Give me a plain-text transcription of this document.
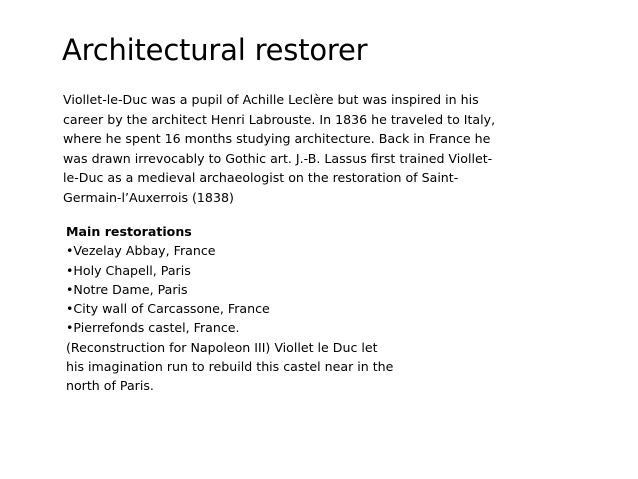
Architectural restorer
Viollet-le-Duc was a pupil of Achille Leclère but was inspired in his
career by the architect Henri Labrouste. In 1836 he traveled to Italy,
where he spent 16 months studying architecture. Back in France he
was drawn irrevocably to Gothic art. J.-B. Lassus first trained Viollet-
le-Duc as a medieval archaeologist on the restoration of Saint-
Germain-l’Auxerrois (1838)
Main restorations
•Vezelay Abbay, France
•Holy Chapell, Paris
•Notre Dame, Paris
•City wall of Carcassone, France
•Pierrefonds castel, France.
(Reconstruction for Napoleon III) Viollet le Duc let
his imagination run to rebuild this castel near in the
north of Paris.
